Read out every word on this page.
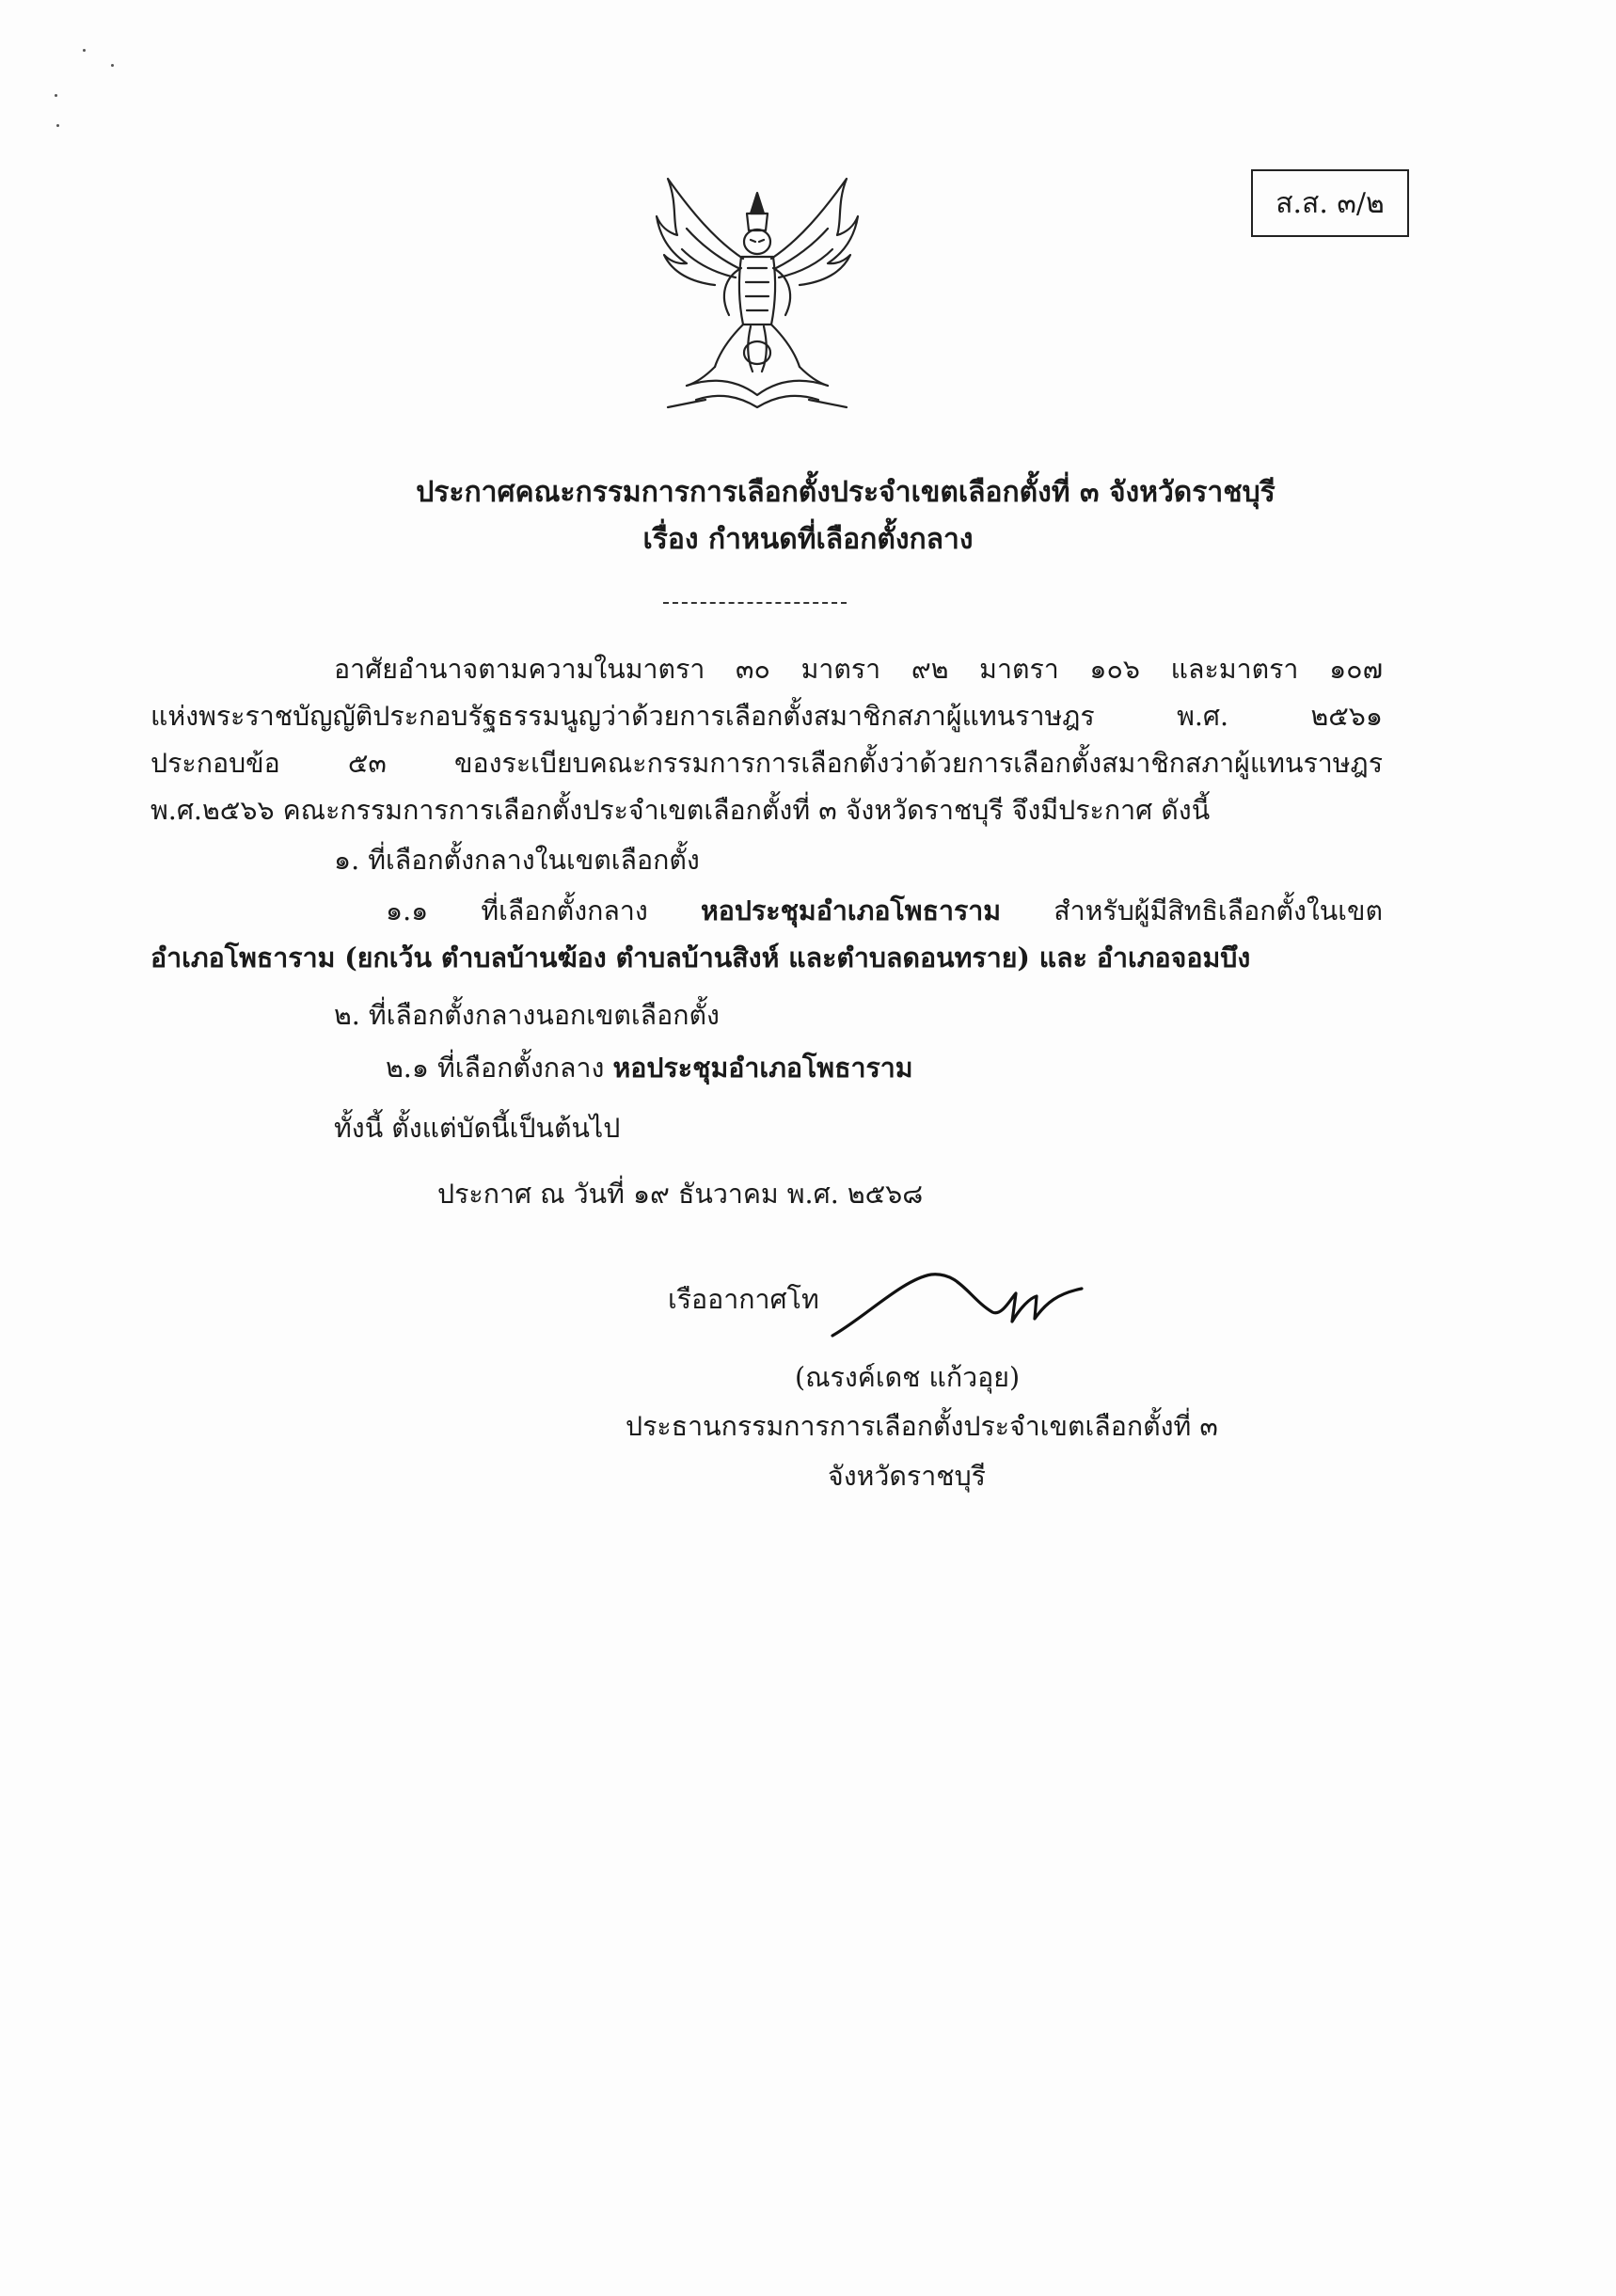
ส.ส. ๓/๒
ประกาศคณะกรรมการการเลือกตั้งประจำเขตเลือกตั้งที่ ๓ จังหวัดราชบุรี
เรื่อง กำหนดที่เลือกตั้งกลาง
อาศัยอำนาจตามความในมาตรา ๓๐ มาตรา ๙๒ มาตรา ๑๐๖ และมาตรา ๑๐๗
แห่งพระราชบัญญัติประกอบรัฐธรรมนูญว่าด้วยการเลือกตั้งสมาชิกสภาผู้แทนราษฎร พ.ศ. ๒๕๖๑
ประกอบข้อ ๕๓ ของระเบียบคณะกรรมการการเลือกตั้งว่าด้วยการเลือกตั้งสมาชิกสภาผู้แทนราษฎร
พ.ศ.๒๕๖๖ คณะกรรมการการเลือกตั้งประจำเขตเลือกตั้งที่ ๓ จังหวัดราชบุรี จึงมีประกาศ ดังนี้
๑. ที่เลือกตั้งกลางในเขตเลือกตั้ง
๑.๑ ที่เลือกตั้งกลาง หอประชุมอำเภอโพธาราม สำหรับผู้มีสิทธิเลือกตั้งในเขต
อำเภอโพธาราม (ยกเว้น ตำบลบ้านฆ้อง ตำบลบ้านสิงห์ และตำบลดอนทราย) และ อำเภอจอมบึง
๒. ที่เลือกตั้งกลางนอกเขตเลือกตั้ง
๒.๑ ที่เลือกตั้งกลาง หอประชุมอำเภอโพธาราม
ทั้งนี้ ตั้งแต่บัดนี้เป็นต้นไป
ประกาศ ณ วันที่ ๑๙ ธันวาคม พ.ศ. ๒๕๖๘
เรืออากาศโท
(ณรงค์เดช แก้วอุย)
ประธานกรรมการการเลือกตั้งประจำเขตเลือกตั้งที่ ๓
จังหวัดราชบุรี
